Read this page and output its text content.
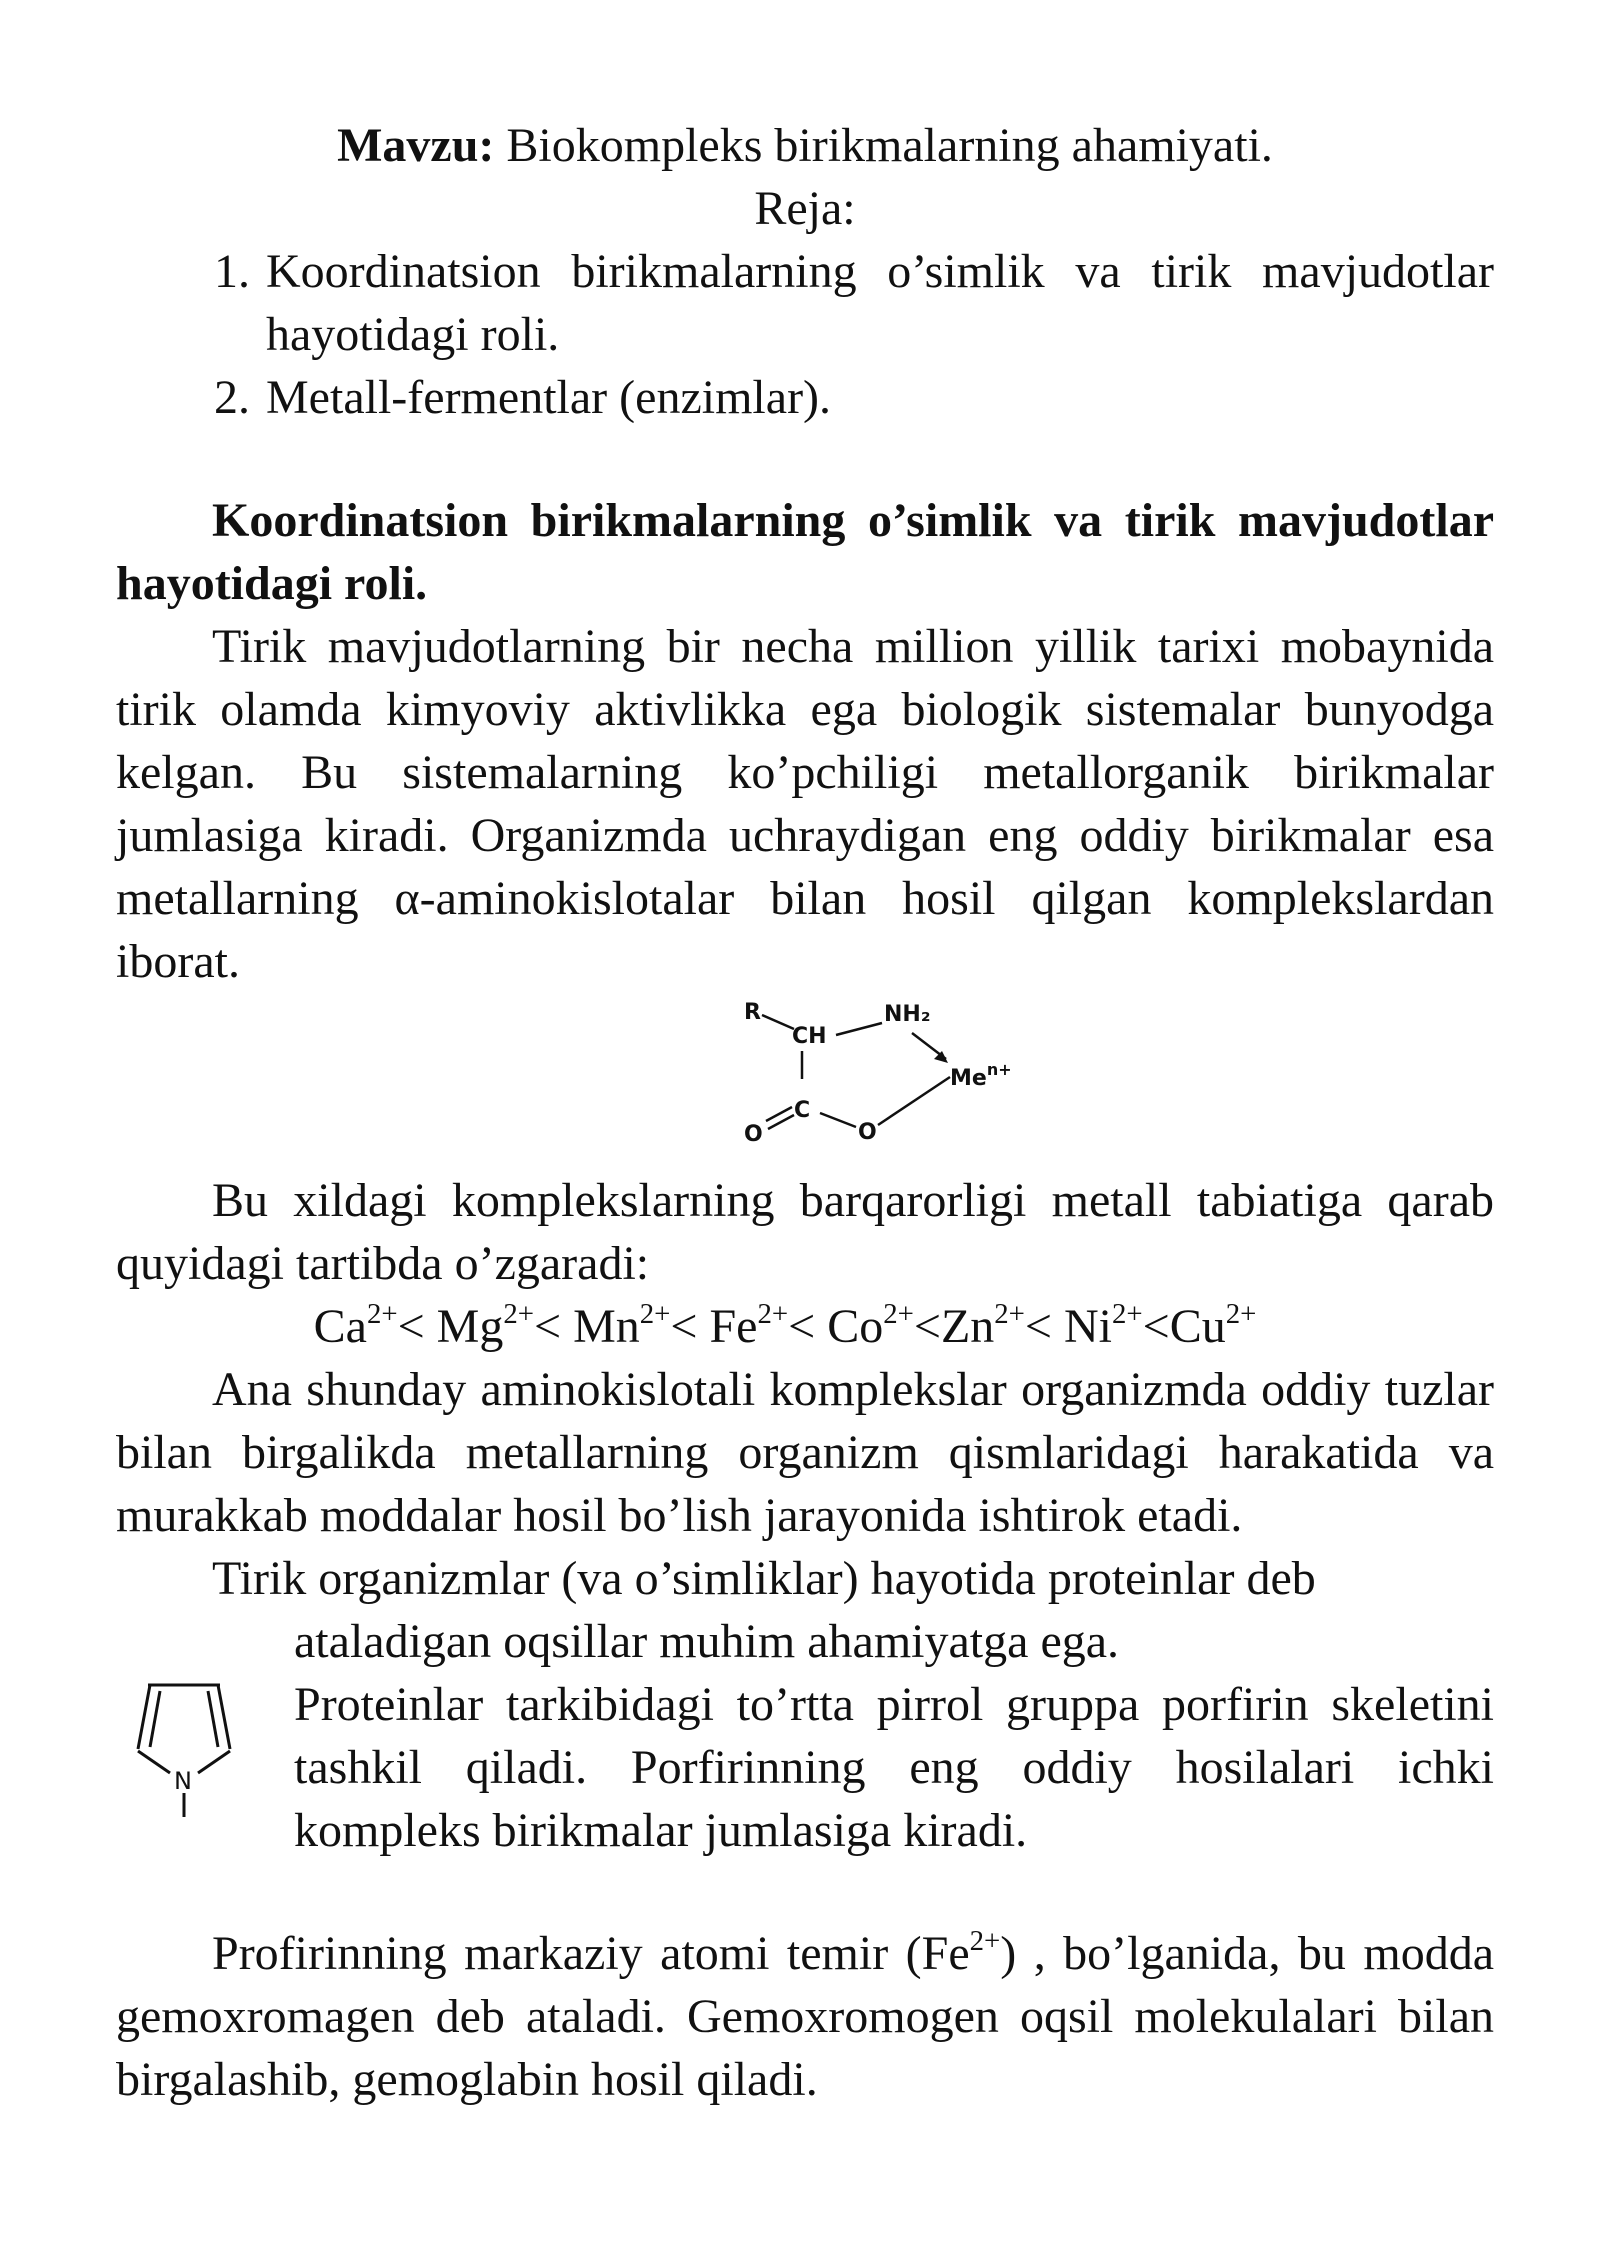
Mavzu: Biokompleks birikmalarning ahamiyati.
Reja:
1. Koordinatsion birikmalarning o’simlik va tirik mavjudotlar hayotidagi roli.
2. Metall-fermentlar (enzimlar).
Koordinatsion birikmalarning o’simlik va tirik mavjudotlar hayotidagi roli.
Tirik mavjudotlarning bir necha million yillik tarixi mobaynida tirik olamda kimyoviy aktivlikka ega biologik sistemalar bunyodga kelgan. Bu sistemalarning ko’pchiligi metallorganik birikmalar jumlasiga kiradi. Organizmda uchraydigan eng oddiy birikmalar esa metallarning α-aminokislotalar bilan hosil qilgan komplekslardan iborat.
R
CH
NH₂
$Me^{n+}$
C
O	O
Bu xildagi komplekslarning barqarorligi metall tabiatiga qarab quyidagi tartibda o’zgaradi:
$Ca^{2+}< Mg^{2+}< Mn^{2+}< Fe^{2+}< Co^{2+}<Zn^{2+}< Ni^{2+}<Cu^{2+}$
Ana shunday aminokislotali komplekslar organizmda oddiy tuzlar bilan birgalikda metallarning organizm qismlaridagi harakatida va murakkab moddalar hosil bo’lish jarayonida ishtirok etadi.
Tirik organizmlar (va o’simliklar) hayotida proteinlar deb
ataladigan oqsillar muhim ahamiyatga ega.
N
Proteinlar tarkibidagi to’rtta pirrol gruppa porfirin skeletini tashkil qiladi. Porfirinning eng oddiy hosilalari ichki kompleks birikmalar jumlasiga kiradi.
Profirinning markaziy atomi temir $(Fe^{2+})$ , bo’lganida, bu modda gemoxromagen deb ataladi. Gemoxromogen oqsil molekulalari bilan birgalashib, gemoglabin hosil qiladi.
